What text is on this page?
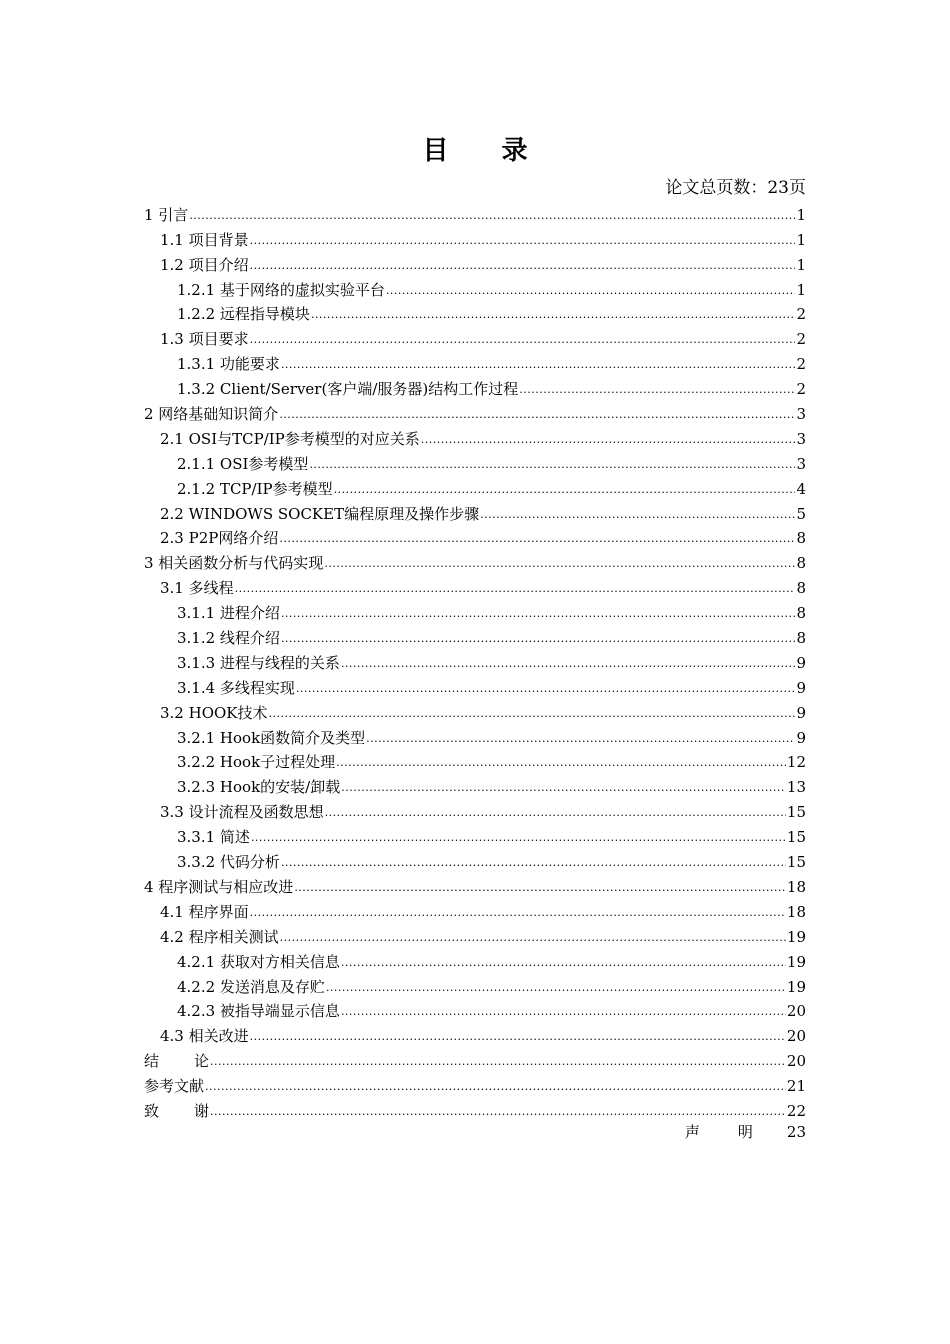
目 录
论文总页数：23页
1 引言 .....	1
1.1 项目背景 .....	1
1.2 项目介绍 .....	1
1.2.1 基于网络的虚拟实验平台 .....	1
1.2.2 远程指导模块 .....	2
1.3 项目要求 .....	2
1.3.1 功能要求 .....	2
1.3.2 Client/Server(客户端/服务器)结构工作过程 .....	2
2 网络基础知识简介 .....	3
2.1 OSI与TCP/IP参考模型的对应关系 .....	3
2.1.1 OSI参考模型 .....	3
2.1.2 TCP/IP参考模型 .....	4
2.2 WINDOWS SOCKET编程原理及操作步骤 .....	5
2.3 P2P网络介绍 .....	8
3 相关函数分析与代码实现 .....	8
3.1 多线程 .....	8
3.1.1 进程介绍 .....	8
3.1.2 线程介绍 .....	8
3.1.3 进程与线程的关系 .....	9
3.1.4 多线程实现 .....	9
3.2 HOOK技术 .....	9
3.2.1 Hook函数简介及类型 .....	9
3.2.2 Hook子过程处理 .....	12
3.2.3 Hook的安装/卸载 .....	13
3.3 设计流程及函数思想 .....	15
3.3.1 简述 .....	15
3.3.2 代码分析 .....	15
4 程序测试与相应改进 .....	18
4.1 程序界面 .....	18
4.2 程序相关测试 .....	19
4.2.1 获取对方相关信息 .....	19
4.2.2 发送消息及存贮 .....	19
4.2.3 被指导端显示信息 .....	20
4.3 相关改进 .....	20
结 论 .....	20
参考文献 .....	21
致 谢 .....	22
声	明 23
